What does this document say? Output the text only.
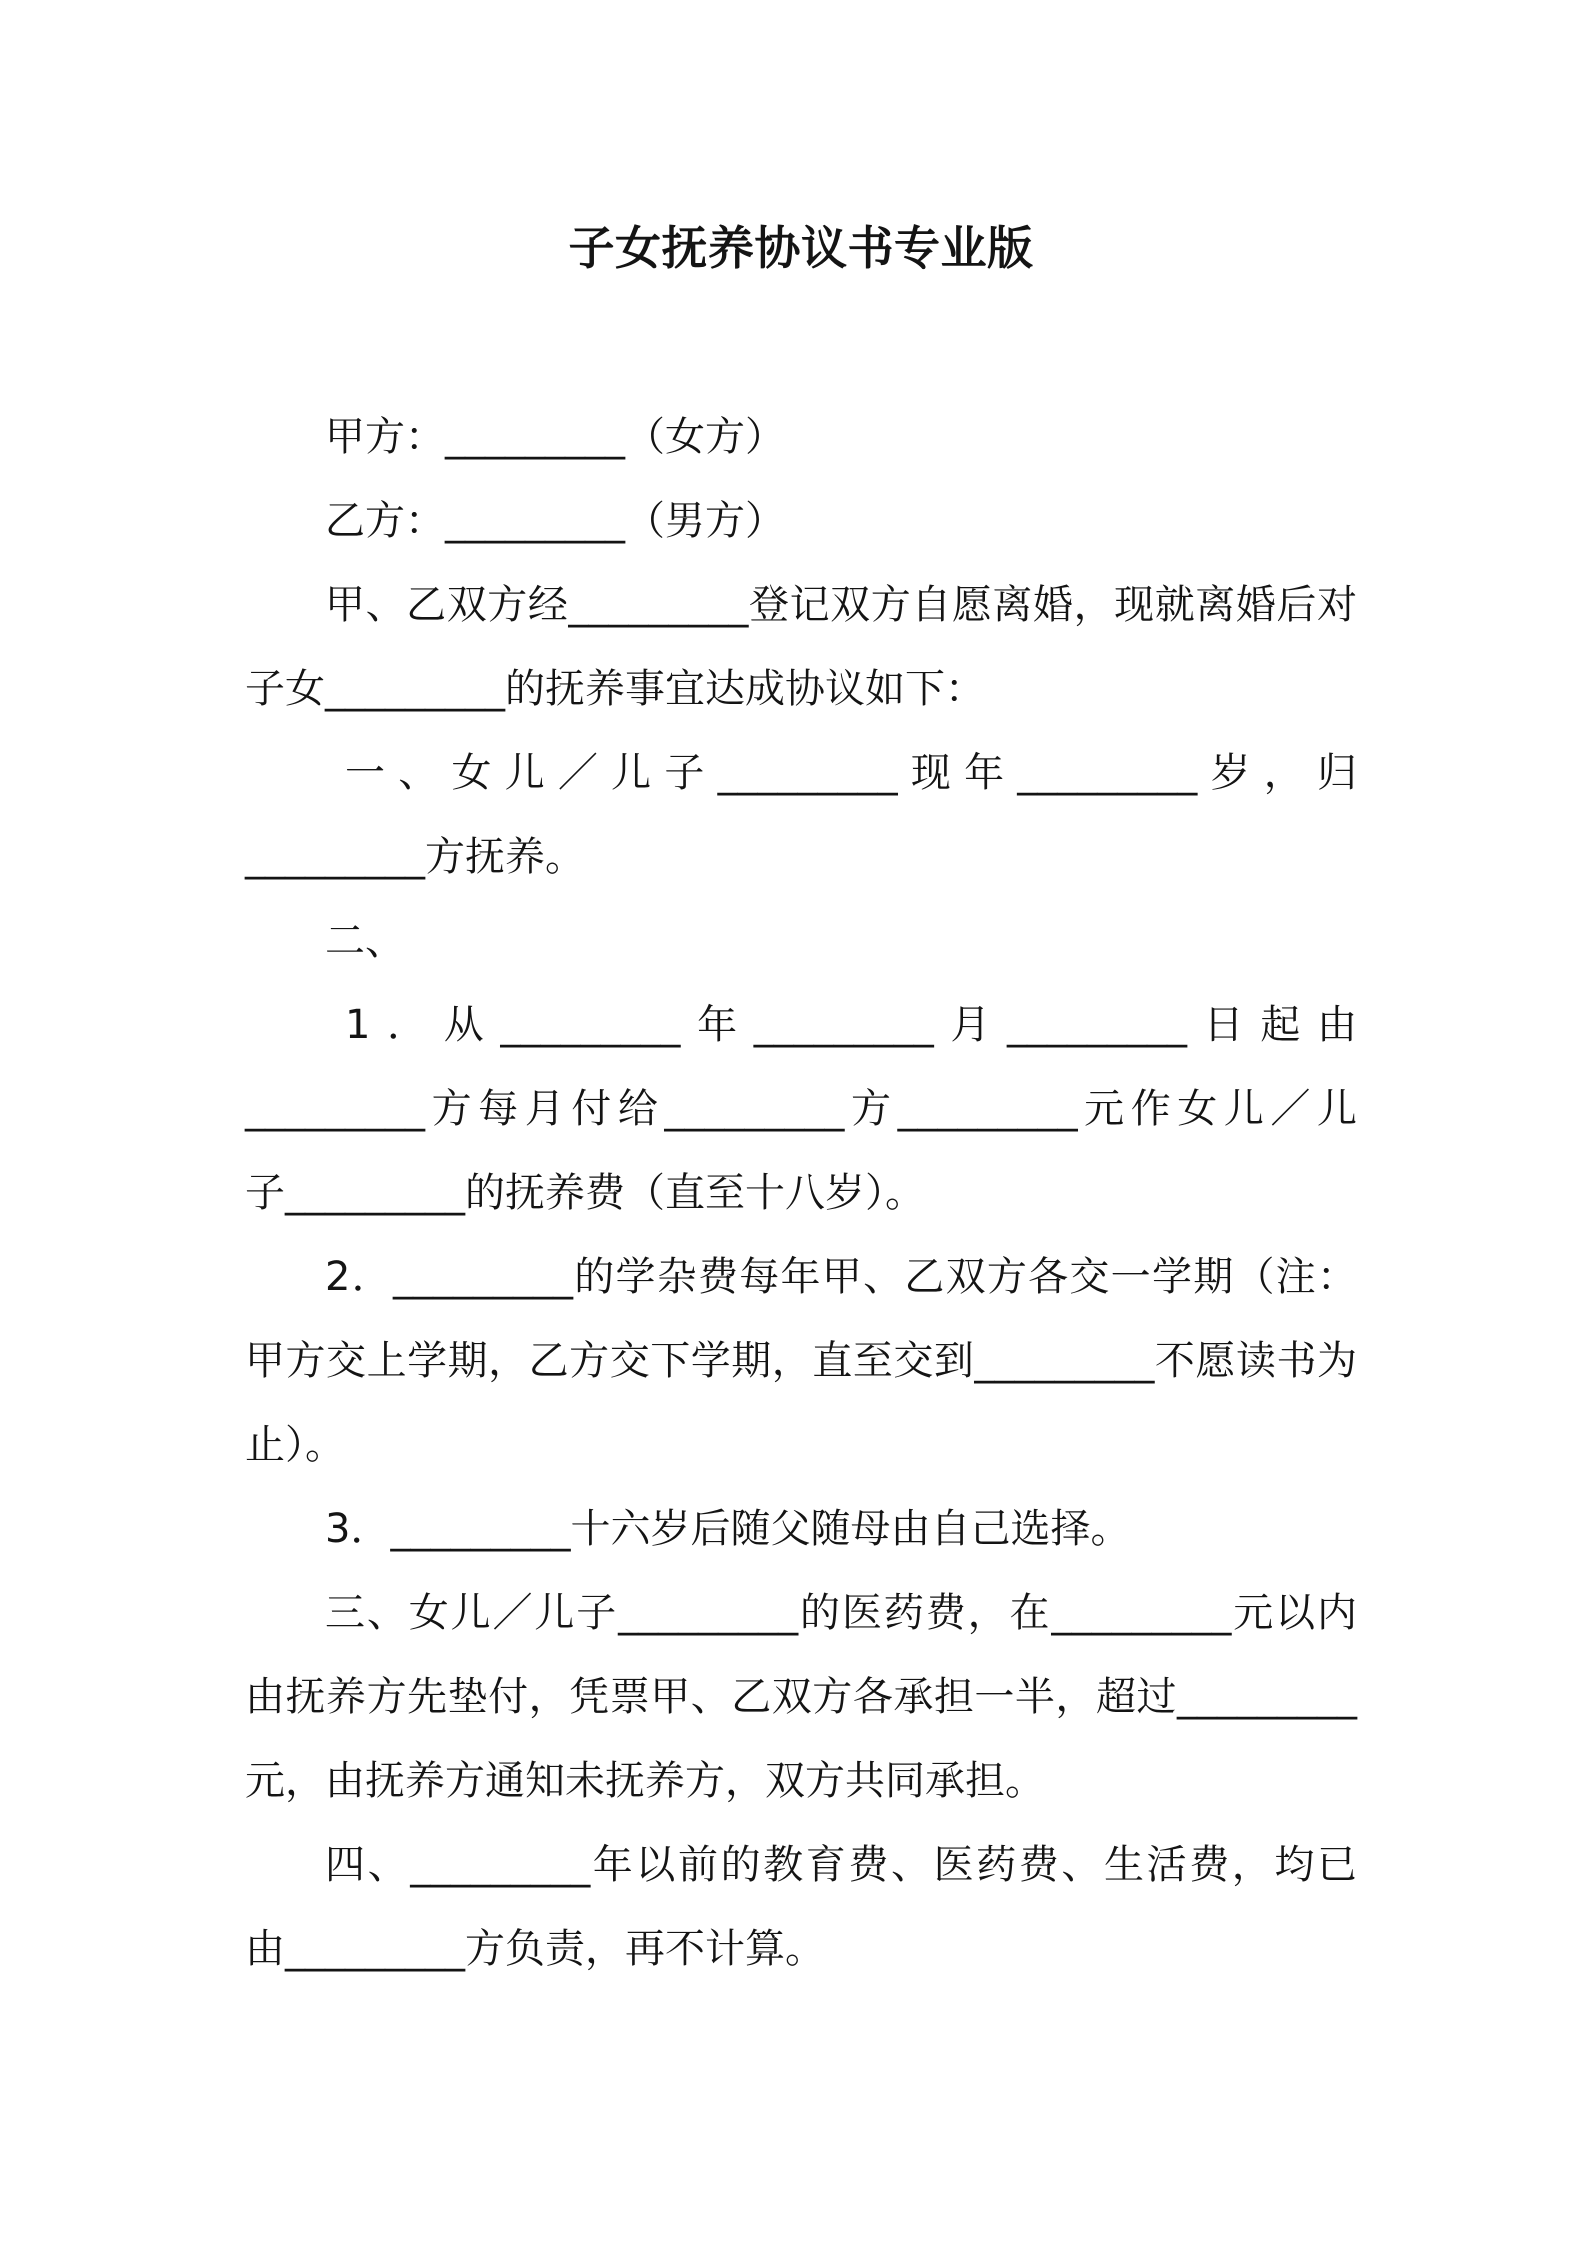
子女抚养协议书专业版
甲方：_________（女方）
乙方：_________（男方）
甲、乙双方经_________登记双方自愿离婚，现就离婚后对
子女_________的抚养事宜达成协议如下：
一、女儿／儿子_________现年_________岁，归
_________方抚养。
二、
1．从_________年_________月_________日起由
_________方每月付给_________方_________元作女儿／儿
子_________的抚养费（直至十八岁）。
2．_________的学杂费每年甲、乙双方各交一学期（注：
甲方交上学期，乙方交下学期，直至交到_________不愿读书为
止）。
3．_________十六岁后随父随母由自己选择。
三、女儿／儿子_________的医药费，在_________元以内
由抚养方先垫付，凭票甲、乙双方各承担一半，超过_________
元，由抚养方通知未抚养方，双方共同承担。
四、_________年以前的教育费、医药费、生活费，均已
由_________方负责，再不计算。
